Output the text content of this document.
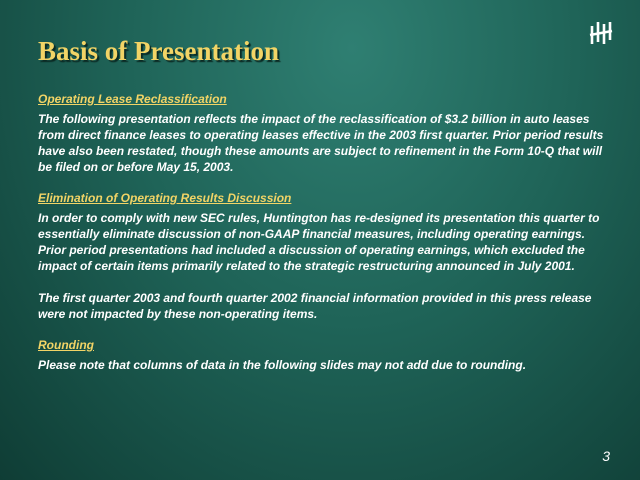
Basis of Presentation

Operating Lease Reclassification

The following presentation reflects the impact of the reclassification of $3.2 billion in auto leases from direct finance leases to operating leases effective in the 2003 first quarter. Prior period results have also been restated, though these amounts are subject to refinement in the Form 10-Q that will be filed on or before May 15, 2003.

Elimination of Operating Results Discussion

In order to comply with new SEC rules, Huntington has re-designed its presentation this quarter to essentially eliminate discussion of non-GAAP financial measures, including operating earnings. Prior period presentations had included a discussion of operating earnings, which excluded the impact of certain items primarily related to the strategic restructuring announced in July 2001.

The first quarter 2003 and fourth quarter 2002 financial information provided in this press release were not impacted by these non-operating items.

Rounding

Please note that columns of data in the following slides may not add due to rounding.

3
